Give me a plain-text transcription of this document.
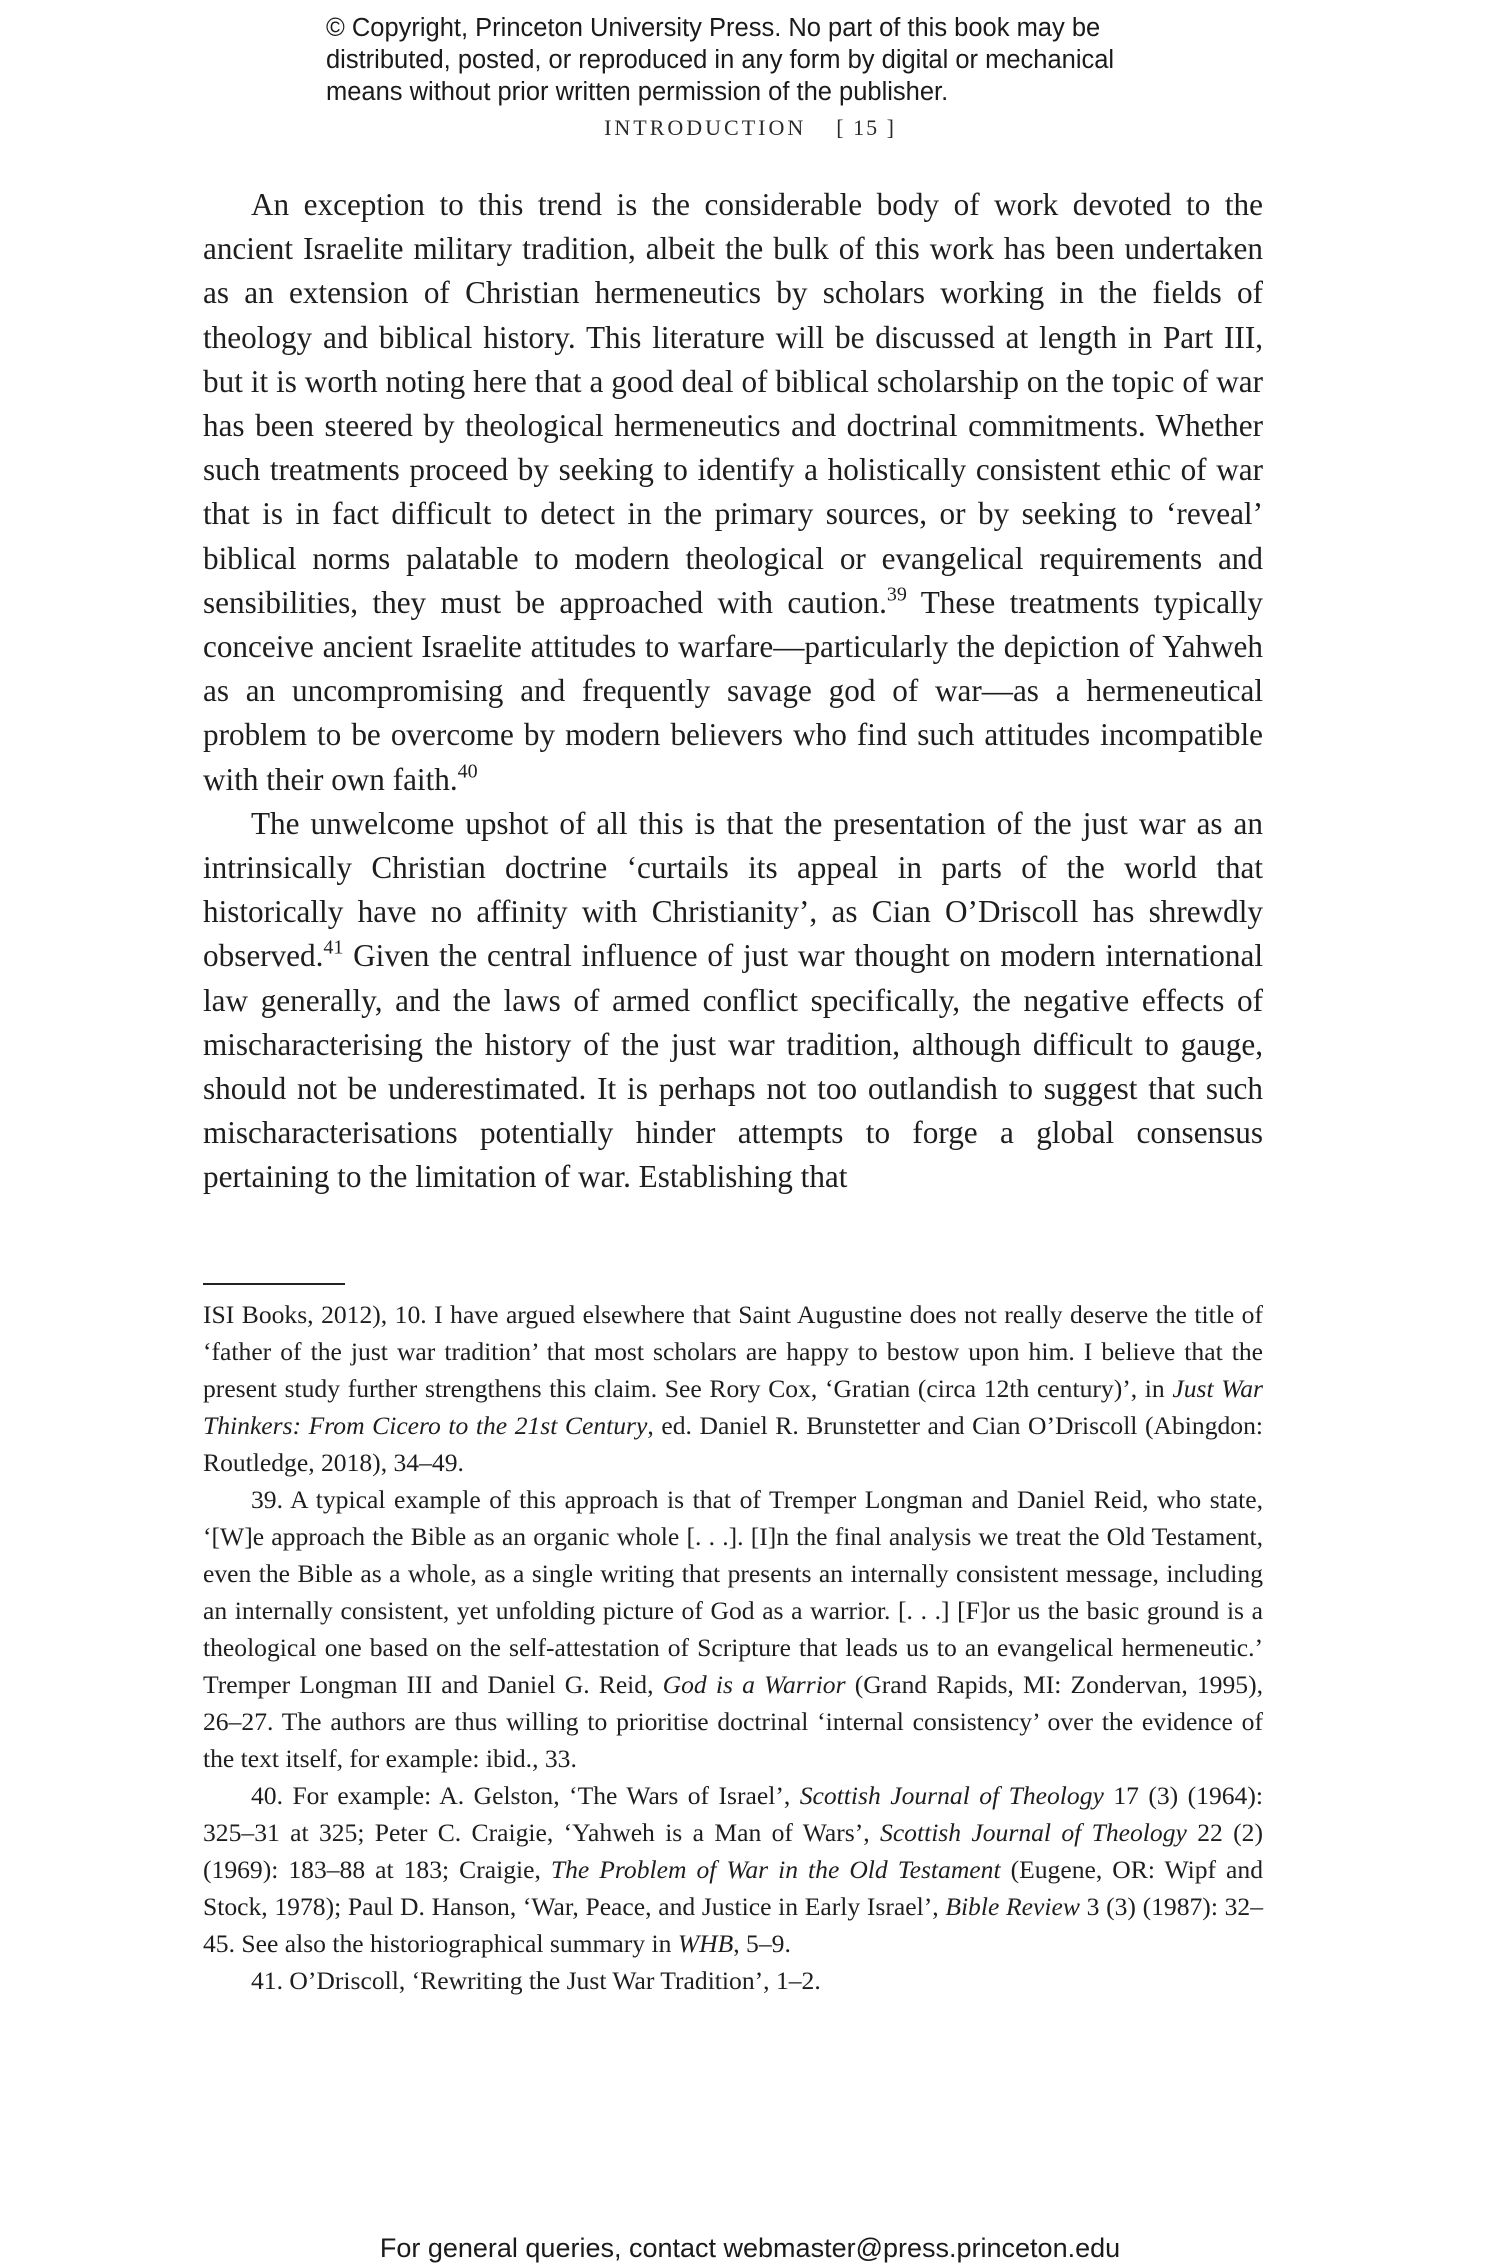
© Copyright, Princeton University Press. No part of this book may be
distributed, posted, or reproduced in any form by digital or mechanical
means without prior written permission of the publisher.
INTRODUCTION [ 15 ]

An exception to this trend is the considerable body of work devoted to the ancient Israelite military tradition, albeit the bulk of this work has been undertaken as an extension of Christian hermeneutics by scholars working in the fields of theology and biblical history. This literature will be discussed at length in Part III, but it is worth noting here that a good deal of biblical scholarship on the topic of war has been steered by theological hermeneutics and doctrinal commitments. Whether such treatments proceed by seeking to identify a holistically consistent ethic of war that is in fact difficult to detect in the primary sources, or by seeking to ‘reveal’ biblical norms palatable to modern theological or evangelical requirements and sensibilities, they must be approached with caution.$^{39}$ These treatments typically conceive ancient Israelite attitudes to warfare—particularly the depiction of Yahweh as an uncompromising and frequently savage god of war—as a hermeneutical problem to be overcome by modern believers who find such attitudes incompatible with their own faith.$^{40}$

The unwelcome upshot of all this is that the presentation of the just war as an intrinsically Christian doctrine ‘curtails its appeal in parts of the world that historically have no affinity with Christianity’, as Cian O’Driscoll has shrewdly observed.$^{41}$ Given the central influence of just war thought on modern international law generally, and the laws of armed conflict specifically, the negative effects of mischaracterising the history of the just war tradition, although difficult to gauge, should not be underestimated. It is perhaps not too outlandish to suggest that such mischaracterisations potentially hinder attempts to forge a global consensus pertaining to the limitation of war. Establishing that

ISI Books, 2012), 10. I have argued elsewhere that Saint Augustine does not really deserve the title of ‘father of the just war tradition’ that most scholars are happy to bestow upon him. I believe that the present study further strengthens this claim. See Rory Cox, ‘Gratian (circa 12th century)’, in Just War Thinkers: From Cicero to the 21st Century, ed. Daniel R. Brunstetter and Cian O’Driscoll (Abingdon: Routledge, 2018), 34–49.

39. A typical example of this approach is that of Tremper Longman and Daniel Reid, who state, ‘[W]e approach the Bible as an organic whole [. . .]. [I]n the final analysis we treat the Old Testament, even the Bible as a whole, as a single writing that presents an internally consistent message, including an internally consistent, yet unfolding picture of God as a warrior. [. . .] [F]or us the basic ground is a theological one based on the self-attestation of Scripture that leads us to an evangelical hermeneutic.’ Tremper Longman III and Daniel G. Reid, God is a Warrior (Grand Rapids, MI: Zondervan, 1995), 26–27. The authors are thus willing to prioritise doctrinal ‘internal consistency’ over the evidence of the text itself, for example: ibid., 33.

40. For example: A. Gelston, ‘The Wars of Israel’, Scottish Journal of Theology 17 (3) (1964): 325–31 at 325; Peter C. Craigie, ‘Yahweh is a Man of Wars’, Scottish Journal of Theology 22 (2) (1969): 183–88 at 183; Craigie, The Problem of War in the Old Testament (Eugene, OR: Wipf and Stock, 1978); Paul D. Hanson, ‘War, Peace, and Justice in Early Israel’, Bible Review 3 (3) (1987): 32–45. See also the historiographical summary in WHB, 5–9.

41. O’Driscoll, ‘Rewriting the Just War Tradition’, 1–2.

For general queries, contact webmaster@press.princeton.edu
